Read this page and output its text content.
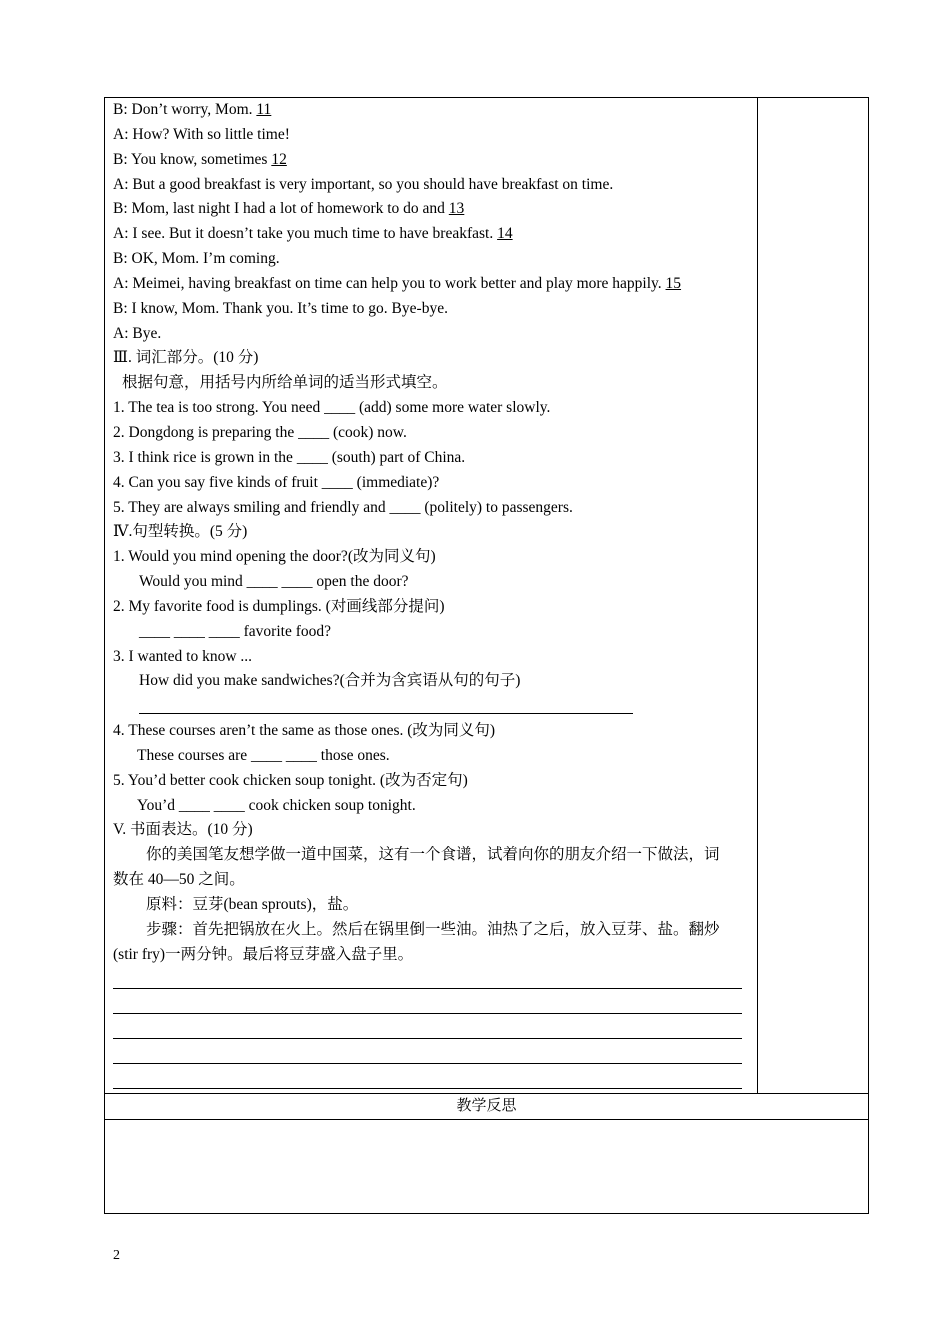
教学反思
B: Don’t worry, Mom. 11
A: How? With so little time!
B: You know, sometimes 12
A: But a good breakfast is very important, so you should have breakfast on time.
B: Mom, last night I had a lot of homework to do and 13
A: I see. But it doesn’t take you much time to have breakfast. 14
B: OK, Mom. I’m coming.
A: Meimei, having breakfast on time can help you to work better and play more happily. 15
B: I know, Mom. Thank you. It’s time to go. Bye-bye.
A: Bye.
Ⅲ. 词汇部分。(10 分)
根据句意，用括号内所给单词的适当形式填空。
1. The tea is too strong. You need ____ (add) some more water slowly.
2. Dongdong is preparing the ____ (cook) now.
3. I think rice is grown in the ____ (south) part of China.
4. Can you say five kinds of fruit ____ (immediate)?
5. They are always smiling and friendly and ____ (politely) to passengers.
Ⅳ.句型转换。(5 分)
1. Would you mind opening the door?(改为同义句)
Would you mind ____ ____ open the door?
2. My favorite food is dumplings. (对画线部分提问)
____ ____ ____ favorite food?
3. I wanted to know ...
How did you make sandwiches?(合并为含宾语从句的句子)
4. These courses aren’t the same as those ones. (改为同义句)
These courses are ____ ____ those ones.
5. You’d better cook chicken soup tonight. (改为否定句)
You’d ____ ____ cook chicken soup tonight.
V. 书面表达。(10 分)
你的美国笔友想学做一道中国菜，这有一个食谱，试着向你的朋友介绍一下做法，词
数在 40—50 之间。
原料：豆芽(bean sprouts)，盐。
步骤：首先把锅放在火上。然后在锅里倒一些油。油热了之后，放入豆芽、盐。翻炒
(stir fry)一两分钟。最后将豆芽盛入盘子里。
2
